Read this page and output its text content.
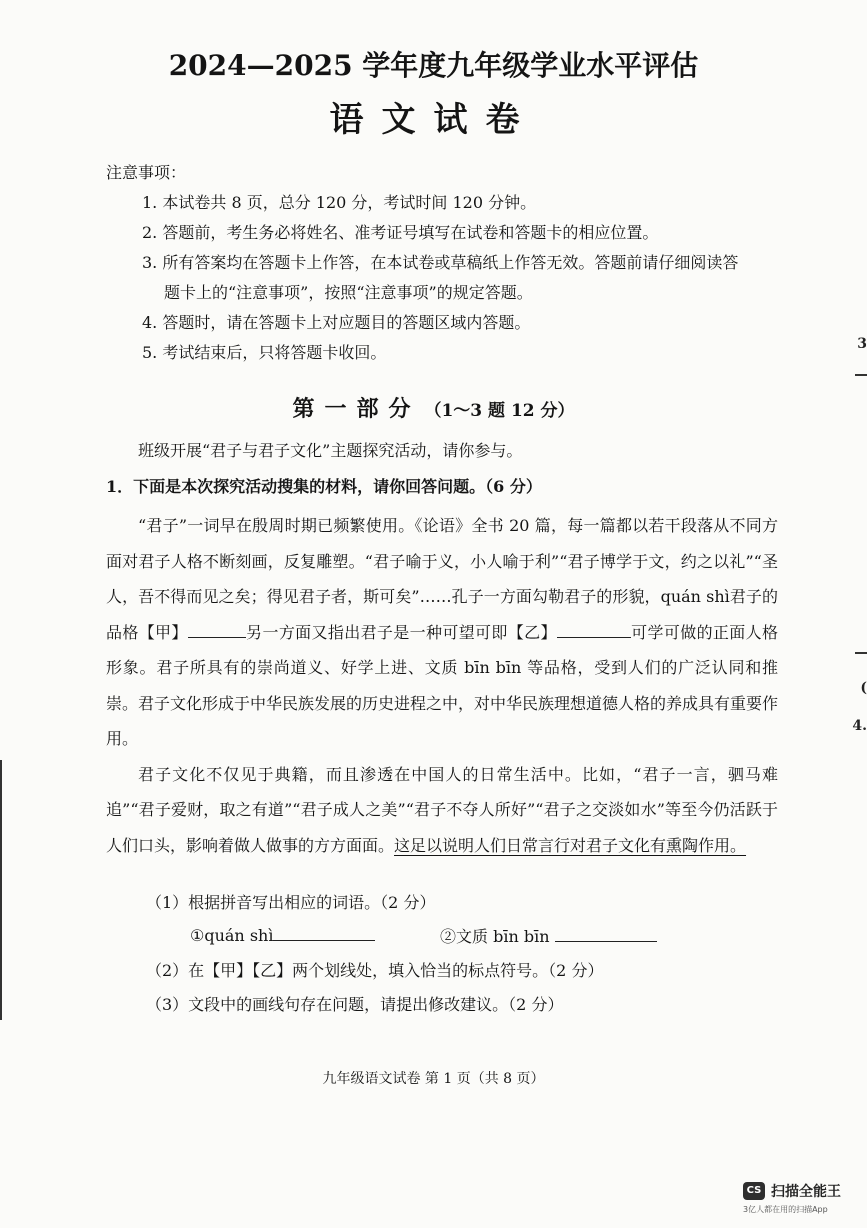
3
(
4.
2024—2025 学年度九年级学业水平评估
语文试卷
注意事项：
1. 本试卷共 8 页，总分 120 分，考试时间 120 分钟。
2. 答题前，考生务必将姓名、准考证号填写在试卷和答题卡的相应位置。
3. 所有答案均在答题卡上作答，在本试卷或草稿纸上作答无效。答题前请仔细阅读答
题卡上的“注意事项”，按照“注意事项”的规定答题。
4. 答题时，请在答题卡上对应题目的答题区域内答题。
5. 考试结束后，只将答题卡收回。
第一部分 （1～3 题 12 分）
班级开展“君子与君子文化”主题探究活动，请你参与。
1．下面是本次探究活动搜集的材料，请你回答问题。（6 分）

“君子”一词早在殷周时期已频繁使用。《论语》全书 20 篇，每一篇都以若干段落从不同方面对君子人格不断刻画，反复雕塑。“君子喻于义，小人喻于利”“君子博学于文，约之以礼”“圣人，吾不得而见之矣；得见君子者，斯可矣”……孔子一方面勾勒君子的形貌，quán shì君子的品格【甲】	另一方面又指出君子是一种可望可即【乙】	可学可做的正面人格形象。君子所具有的崇尚道义、好学上进、文质 bīn bīn 等品格，受到人们的广泛认同和推崇。君子文化形成于中华民族发展的历史进程之中，对中华民族理想道德人格的养成具有重要作用。

君子文化不仅见于典籍，而且渗透在中国人的日常生活中。比如，“君子一言，驷马难追”“君子爱财，取之有道”“君子成人之美”“君子不夺人所好”“君子之交淡如水”等至今仍活跃于人们口头，影响着做人做事的方方面面。这足以说明人们日常言行对君子文化有熏陶作用。

（1）根据拼音写出相应的词语。（2 分）
①quán shì	②文质 bīn bīn
（2）在【甲】【乙】两个划线处，填入恰当的标点符号。（2 分）
（3）文段中的画线句存在问题，请提出修改建议。（2 分）
九年级语文试卷 第 1 页（共 8 页）
CS 扫描全能王
3亿人都在用的扫描App
